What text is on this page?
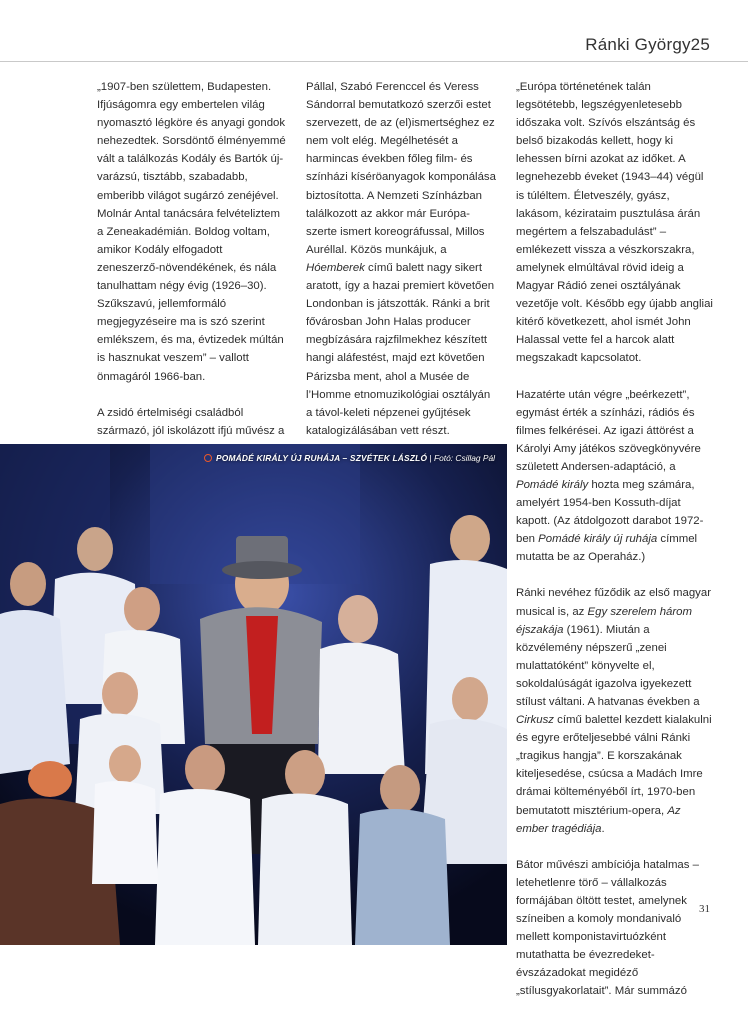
Ránki György25

„1907-ben születtem, Budapesten. Ifjúságomra egy embertelen világ nyomasztó légköre és anyagi gondok nehezedtek. Sorsdöntő élményemmé vált a találkozás Kodály és Bartók új-varázsú, tisztább, szabadabb, emberibb világot sugárzó zenéjével. Molnár Antal tanácsára felvételiztem a Zeneakadémián. Boldog voltam, amikor Kodály elfogadott zeneszerző-növendékének, és nála tanulhattam négy évig (1926–30). Szűkszavú, jellemformáló megjegyzéseire ma is szó szerint emlékszem, és ma, évtizedek múltán is hasznukat veszem” – vallott önmagáról 1966-ban.

A zsidó értelmiségi családból származó, jól iskolázott ifjú művész a

Pállal, Szabó Ferenccel és Veress Sándorral bemutatkozó szerzői estet szervezett, de az (el)ismertséghez ez nem volt elég. Megélhetését a harmincas években főleg film- és színházi kíséröanyagok komponálása biztosította. A Nemzeti Színházban találkozott az akkor már Európa-szerte ismert koreográfussal, Millos Auréllal. Közös munkájuk, a Hóemberek című balett nagy sikert aratott, így a hazai premiert követően Londonban is játszották. Ránki a brit fővárosban John Halas producer megbízására rajzfilmekhez készített hangi aláfestést, majd ezt követően Párizsba ment, ahol a Musée de l’Homme etnomuzikológiai osztályán a távol-keleti népzenei gyűjtések katalogizálásában vett részt.

„Európa történetének talán legsötétebb, legszégyenletesebb időszaka volt. Szívós elszántság és belső bizakodás kellett, hogy ki lehessen bírni azokat az időket. A legnehezebb éveket (1943–44) végül is túléltem. Életveszély, gyász, lakásom, kézirataim pusztulása árán megértem a felszabadulást” – emlékezett vissza a vészkorszakra, amelynek elmúltával rövid ideig a Magyar Rádió zenei osztályának vezetője volt. Később egy újabb angliai kitérő következett, ahol ismét John Halassal vette fel a harcok alatt megszakadt kapcsolatot.

Hazatérte után végre „beérkezett”, egymást érték a színházi, rádiós és filmes felkérései. Az igazi áttörést a Károlyi Amy játékos szövegkönyvére született Andersen-adaptáció, a Pomádé király hozta meg számára, amelyért 1954-ben Kossuth-díjat kapott. (Az átdolgozott darabot 1972-ben Pomádé király új ruhája címmel mutatta be az Operaház.)

Ránki nevéhez fűződik az első magyar musical is, az Egy szerelem három éjszakája (1961). Miután a közvélemény népszerű „zenei mulattatóként” könyvelte el, sokoldalúságát igazolva igyekezett stílust váltani. A hatvanas években a Cirkusz című balettel kezdett kialakulni és egyre erőteljesebbé válni Ránki „tragikus hangja”. E korszakának kiteljesedése, csúcsa a Madách Imre drámai költeményéből írt, 1970-ben bemutatott misztérium-opera, Az ember tragédiája.

Bátor művészi ambíciója hatalmas – letehetlenre törő – vállalkozás formájában öltött testet, amelynek színeiben a komoly mondanivaló mellett komponistavirtuózként mutathatta be évezredeket-évszázadokat megidéző „stílusgyakorlatait”. Már summázó

POMÁDÉ KIRÁLY ÚJ RUHÁJA – SZVÉTEK LÁSZLÓ | Fotó: Csillag Pál
31
